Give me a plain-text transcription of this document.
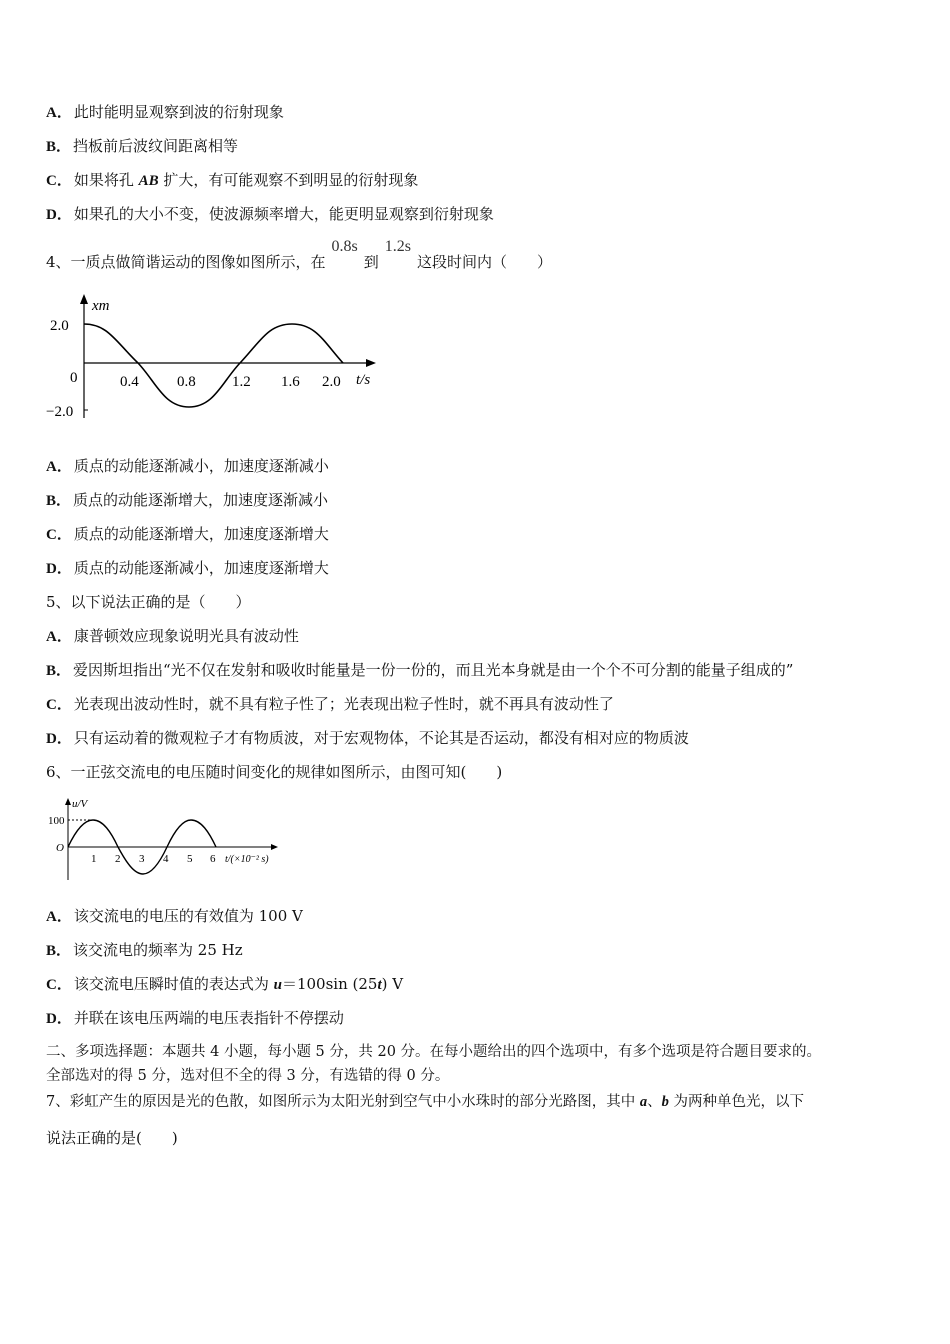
A． 此时能明显观察到波的衍射现象
B． 挡板前后波纹间距离相等
C． 如果将孔 AB 扩大，有可能观察不到明显的衍射现象
D． 如果孔的大小不变，使波源频率增大，能更明显观察到衍射现象
4、一质点做简谐运动的图像如图所示，在0.8s到1.2s这段时间内（　　）
xm
2.0
−2.0
0	0.4	0.8 1.2 1.6 2.0 t/s
A． 质点的动能逐渐减小，加速度逐渐减小
B． 质点的动能逐渐增大，加速度逐渐减小
C． 质点的动能逐渐增大，加速度逐渐增大
D． 质点的动能逐渐减小，加速度逐渐增大
5、以下说法正确的是（　　）
A． 康普顿效应现象说明光具有波动性
B． 爱因斯坦指出“光不仅在发射和吸收时能量是一份一份的，而且光本身就是由一个个不可分割的能量子组成的”
C． 光表现出波动性时，就不具有粒子性了；光表现出粒子性时，就不再具有波动性了
D． 只有运动着的微观粒子才有物质波，对于宏观物体，不论其是否运动，都没有相对应的物质波
6、一正弦交流电的电压随时间变化的规律如图所示，由图可知(　　)
u/V
100
O
1 2 3 4 5 6 t/(×10⁻² s)
A． 该交流电的电压的有效值为 100 V
B． 该交流电的频率为 25 Hz
C． 该交流电压瞬时值的表达式为 u＝100sin (25t) V
D． 并联在该电压两端的电压表指针不停摆动
二、多项选择题：本题共 4 小题，每小题 5 分，共 20 分。在每小题给出的四个选项中，有多个选项是符合题目要求的。
全部选对的得 5 分，选对但不全的得 3 分，有选错的得 0 分。
7、彩虹产生的原因是光的色散，如图所示为太阳光射到空气中小水珠时的部分光路图，其中 a、b 为两种单色光，以下
说法正确的是(　　)
